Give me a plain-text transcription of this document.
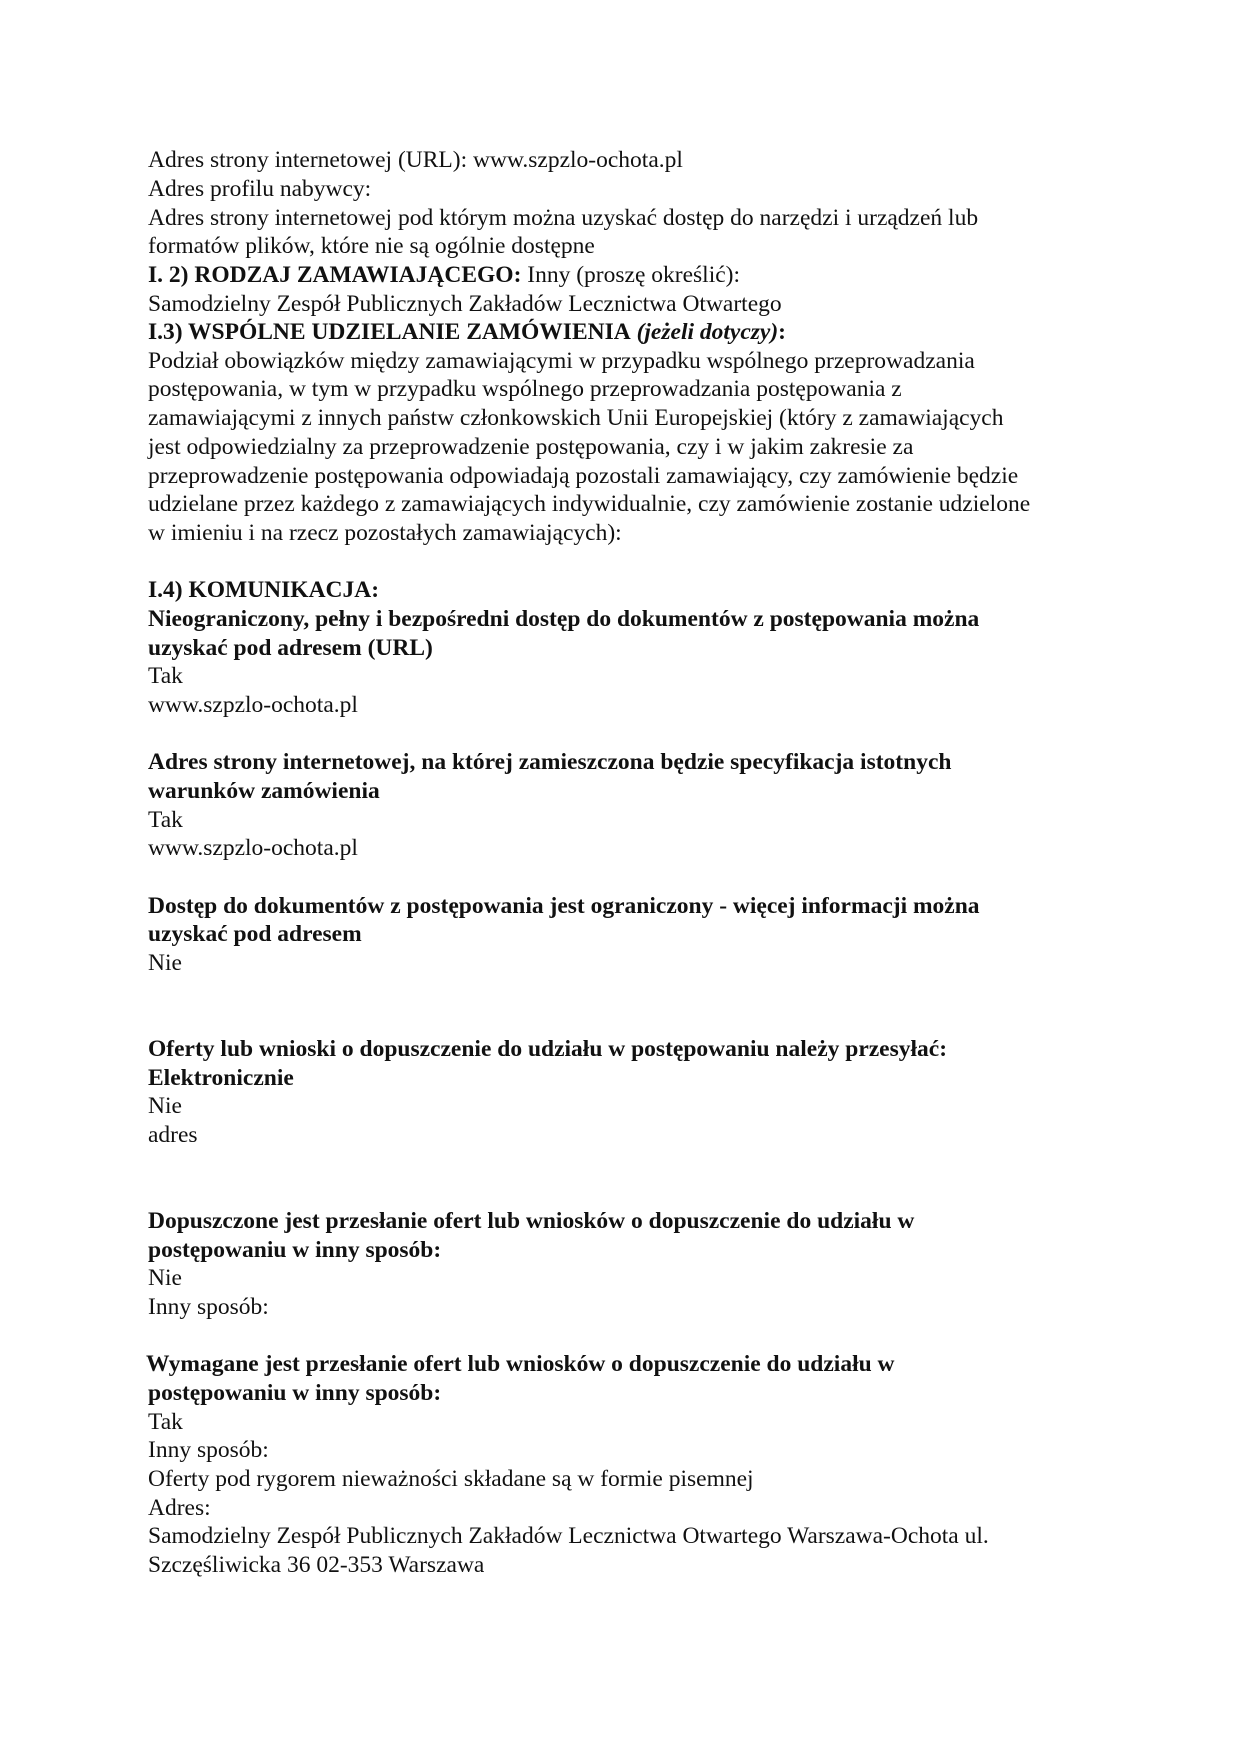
Adres strony internetowej (URL): www.szpzlo-ochota.pl
Adres profilu nabywcy:
Adres strony internetowej pod którym można uzyskać dostęp do narzędzi i urządzeń lub
formatów plików, które nie są ogólnie dostępne
I. 2) RODZAJ ZAMAWIAJĄCEGO: Inny (proszę określić):
Samodzielny Zespół Publicznych Zakładów Lecznictwa Otwartego
I.3) WSPÓLNE UDZIELANIE ZAMÓWIENIA (jeżeli dotyczy):
Podział obowiązków między zamawiającymi w przypadku wspólnego przeprowadzania
postępowania, w tym w przypadku wspólnego przeprowadzania postępowania z
zamawiającymi z innych państw członkowskich Unii Europejskiej (który z zamawiających
jest odpowiedzialny za przeprowadzenie postępowania, czy i w jakim zakresie za
przeprowadzenie postępowania odpowiadają pozostali zamawiający, czy zamówienie będzie
udzielane przez każdego z zamawiających indywidualnie, czy zamówienie zostanie udzielone
w imieniu i na rzecz pozostałych zamawiających):
I.4) KOMUNIKACJA:
Nieograniczony, pełny i bezpośredni dostęp do dokumentów z postępowania można
uzyskać pod adresem (URL)
Tak
www.szpzlo-ochota.pl
Adres strony internetowej, na której zamieszczona będzie specyfikacja istotnych
warunków zamówienia
Tak
www.szpzlo-ochota.pl
Dostęp do dokumentów z postępowania jest ograniczony - więcej informacji można
uzyskać pod adresem
Nie
Oferty lub wnioski o dopuszczenie do udziału w postępowaniu należy przesyłać:
Elektronicznie
Nie
adres
Dopuszczone jest przesłanie ofert lub wniosków o dopuszczenie do udziału w
postępowaniu w inny sposób:
Nie
Inny sposób:
Wymagane jest przesłanie ofert lub wniosków o dopuszczenie do udziału w
postępowaniu w inny sposób:
Tak
Inny sposób:
Oferty pod rygorem nieważności składane są w formie pisemnej
Adres:
Samodzielny Zespół Publicznych Zakładów Lecznictwa Otwartego Warszawa-Ochota ul.
Szczęśliwicka 36 02-353 Warszawa
